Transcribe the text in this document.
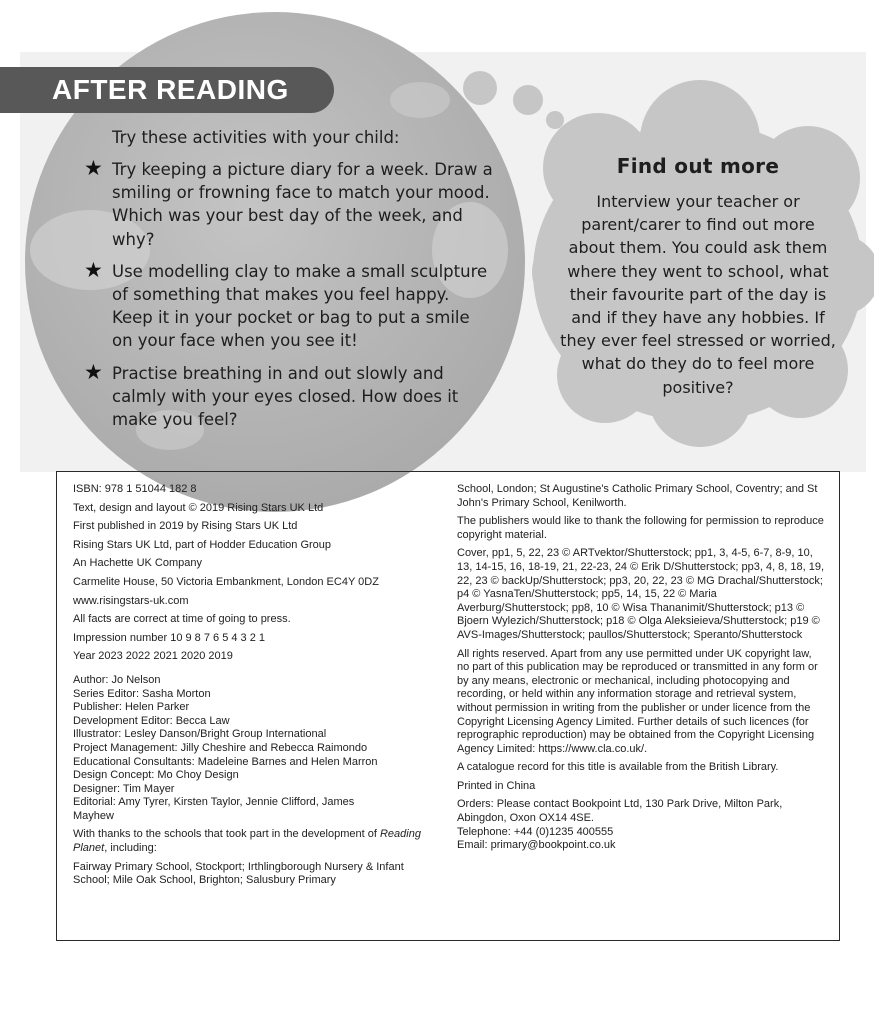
AFTER READING
Try these activities with your child:
★ Try keeping a picture diary for a week. Draw a smiling or frowning face to match your mood. Which was your best day of the week, and why?
★ Use modelling clay to make a small sculpture of something that makes you feel happy. Keep it in your pocket or bag to put a smile on your face when you see it!
★ Practise breathing in and out slowly and calmly with your eyes closed. How does it make you feel?
Find out more
Interview your teacher or parent/carer to find out more about them. You could ask them where they went to school, what their favourite part of the day is and if they have any hobbies. If they ever feel stressed or worried, what do they do to feel more positive?

ISBN: 978 1 51044 182 8

Text, design and layout © 2019 Rising Stars UK Ltd

First published in 2019 by Rising Stars UK Ltd

Rising Stars UK Ltd, part of Hodder Education Group

An Hachette UK Company

Carmelite House, 50 Victoria Embankment, London EC4Y 0DZ

www.risingstars-uk.com

All facts are correct at time of going to press.

Impression number 10 9 8 7 6 5 4 3 2 1

Year 2023 2022 2021 2020 2019

Author: Jo Nelson

Series Editor: Sasha Morton

Publisher: Helen Parker

Development Editor: Becca Law

Illustrator: Lesley Danson/Bright Group International

Project Management: Jilly Cheshire and Rebecca Raimondo

Educational Consultants: Madeleine Barnes and Helen Marron

Design Concept: Mo Choy Design

Designer: Tim Mayer

Editorial: Amy Tyrer, Kirsten Taylor, Jennie Clifford, James Mayhew

With thanks to the schools that took part in the development of Reading Planet, including:

Fairway Primary School, Stockport; Irthlingborough Nursery & Infant School; Mile Oak School, Brighton; Salusbury Primary

School, London; St Augustine's Catholic Primary School, Coventry; and St John's Primary School, Kenilworth.

The publishers would like to thank the following for permission to reproduce copyright material.

Cover, pp1, 5, 22, 23 © ARTvektor/Shutterstock; pp1, 3, 4-5, 6-7, 8-9, 10, 13, 14-15, 16, 18-19, 21, 22-23, 24 © Erik D/Shutterstock; pp3, 4, 8, 18, 19, 22, 23 © backUp/Shutterstock; pp3, 20, 22, 23 © MG Drachal/Shutterstock; p4 © YasnaTen/Shutterstock; pp5, 14, 15, 22 © Maria Averburg/Shutterstock; pp8, 10 © Wisa Thananimit/Shutterstock; p13 © Bjoern Wylezich/Shutterstock; p18 © Olga Aleksieieva/Shutterstock; p19 © AVS-Images/Shutterstock; paullos/Shutterstock; Speranto/Shutterstock

All rights reserved. Apart from any use permitted under UK copyright law, no part of this publication may be reproduced or transmitted in any form or by any means, electronic or mechanical, including photocopying and recording, or held within any information storage and retrieval system, without permission in writing from the publisher or under licence from the Copyright Licensing Agency Limited. Further details of such licences (for reprographic reproduction) may be obtained from the Copyright Licensing Agency Limited: https://www.cla.co.uk/.

A catalogue record for this title is available from the British Library.

Printed in China

Orders: Please contact Bookpoint Ltd, 130 Park Drive, Milton Park, Abingdon, Oxon OX14 4SE.

Telephone: +44 (0)1235 400555

Email: primary@bookpoint.co.uk
